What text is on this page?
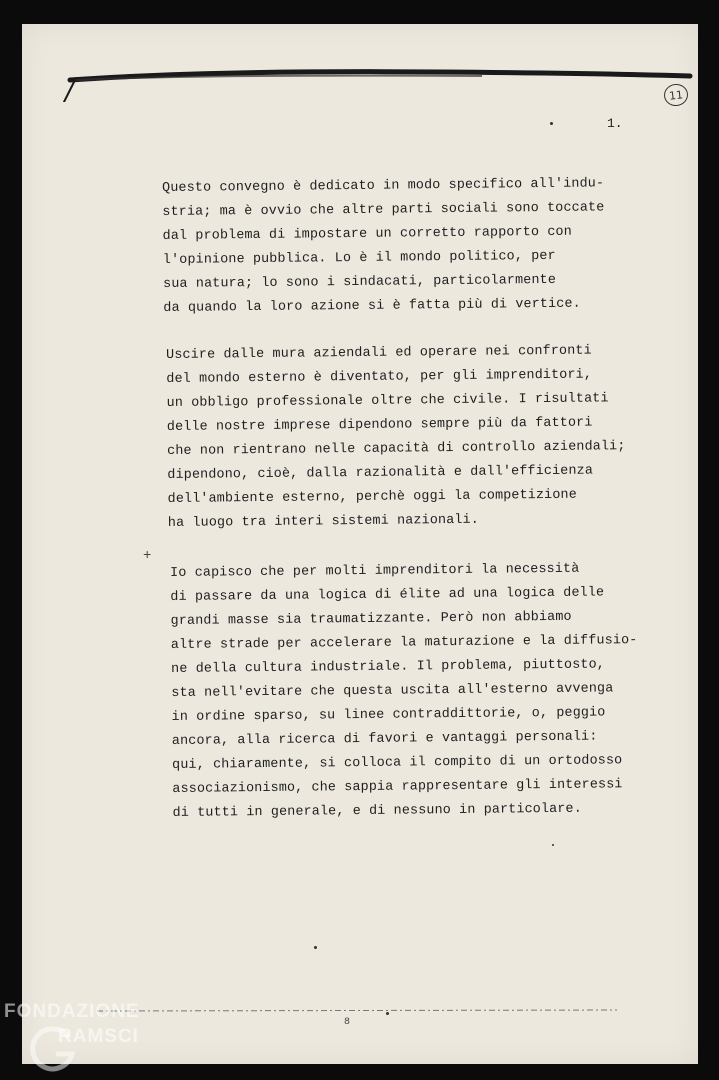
11
1.

Questo convegno è dedicato in modo specifico all'indu-
stria; ma è ovvio che altre parti sociali sono toccate
dal problema di impostare un corretto rapporto con
l'opinione pubblica. Lo è il mondo politico, per
sua natura; lo sono i sindacati, particolarmente
da quando la loro azione si è fatta più di vertice.

Uscire dalle mura aziendali ed operare nei confronti
del mondo esterno è diventato, per gli imprenditori,
un obbligo professionale oltre che civile. I risultati
delle nostre imprese dipendono sempre più da fattori
che non rientrano nelle capacità di controllo aziendali;
dipendono, cioè, dalla razionalità e dall'efficienza
dell'ambiente esterno, perchè oggi la competizione
ha luogo tra interi sistemi nazionali.

+

Io capisco che per molti imprenditori la necessità
di passare da una logica di élite ad una logica delle
grandi masse sia traumatizzante. Però non abbiamo
altre strade per accelerare la maturazione e la diffusio-
ne della cultura industriale. Il problema, piuttosto,
sta nell'evitare che questa uscita all'esterno avvenga
in ordine sparso, su linee contraddittorie, o, peggio
ancora, alla ricerca di favori e vantaggi personali:
qui, chiaramente, si colloca il compito di un ortodosso
associazionismo, che sappia rappresentare gli interessi
di tutti in generale, e di nessuno in particolare.

8
FONDAZIONE
RAMSCI
